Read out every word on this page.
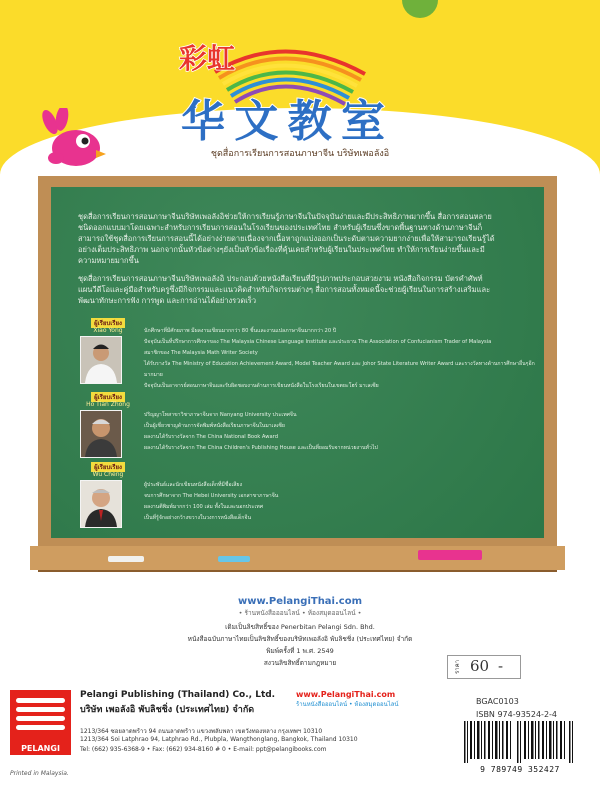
彩虹
华文教室
ชุดสื่อการเรียนการสอนภาษาจีน บริษัทเพอลังอิ
ชุดสื่อการเรียนการสอนภาษาจีนบริษัทเพอลังอิช่วยให้การเรียนรู้ภาษาจีนในปัจจุบันง่ายและมีประสิทธิภาพมากขึ้น สื่อการสอนหลายชนิดออกแบบมาโดยเฉพาะสำหรับการเรียนการสอนในโรงเรียนของประเทศไทย สำหรับผู้เรียนซึ่งขาดพื้นฐานทางด้านภาษาจีนก็สามารถใช้ชุดสื่อการเรียนการสอนนี้ได้อย่างง่ายดายเนื่องจากเนื้อหาถูกแบ่งออกเป็นระดับตามความยากง่ายเพื่อให้สามารถเรียนรู้ได้อย่างเต็มประสิทธิภาพ นอกจากนั้นหัวข้อต่างๆยังเป็นหัวข้อเรื่องที่คุ้นเคยสำหรับผู้เรียนในประเทศไทย ทำให้การเรียนง่ายขึ้นและมีความหมายมากขึ้น
ชุดสื่อการเรียนการสอนภาษาจีนบริษัทเพอลังอิ ประกอบด้วยหนังสือเรียนที่มีรูปภาพประกอบสวยงาม หนังสือกิจกรรม บัตรคำศัพท์ แผนวีดีโอและคู่มือสำหรับครูซึ่งมีกิจกรรมและแนวคิดสำหรับกิจกรรมต่างๆ สื่อการสอนทั้งหมดนี้จะช่วยผู้เรียนในการสร้างเสริมและพัฒนาทักษะการฟัง การพูด และการอ่านได้อย่างรวดเร็ว
ผู้เรียบเรียง
Xiao Yong	นักศึกษาที่มีศักยภาพ มีผลงานเขียนมากกว่า 80 ชิ้นและงานแปลภาษาจีนมากกว่า 20 ปี
ปัจจุบันเป็นที่ปรึกษาการศึกษาของ The Malaysia Chinese Language Institute และประธาน The Association of Confucianism Trader of Malaysia
สมาชิกของ The Malaysia Math Writer Society
ได้รับรางวัล The Ministry of Education Achievement Award, Model Teacher Award และ Johor State Literature Writer Award และรางวัลทางด้านการศึกษาอื่นๆอีกมากมาย
ปัจจุบันเป็นอาจารย์สอนภาษาจีนและรับผิดชอบงานด้านการเขียนหนังสือในโรงเรียนในเขตยะโฮร์ มาเลเซีย
ผู้เรียบเรียง
Ho Tian Zhong
ปริญญาโทสาขาวิชาภาษาจีนจาก Nanyang University ประเทศจีน
เป็นผู้เชี่ยวชาญด้านการจัดพิมพ์หนังสือเรียนภาษาจีนในมาเลเซีย
ผลงานได้รับรางวัลจาก The China National Book Award
ผลงานได้รับรางวัลจาก The China Children's Publishing House และเป็นที่ยอมรับจากหน่วยงานทั่วไป
ผู้เรียบเรียง
Wu Cheng
ผู้ประพันธ์และนักเขียนหนังสือเด็กที่มีชื่อเสียง
จบการศึกษาจาก The Hebei University เอกสาขาภาษาจีน
ผลงานตีพิมพ์มากกว่า 100 เล่ม ทั้งในและนอกประเทศ
เป็นที่รู้จักอย่างกว้างขวางในวงการหนังสือเด็กจีน
www.PelangiThai.com
• ร้านหนังสือออนไลน์ • ห้องสมุดออนไลน์ •
เดิมเป็นลิขสิทธิ์ของ Penerbitan Pelangi Sdn. Bhd.
หนังสือฉบับภาษาไทยเป็นลิขสิทธิ์ของบริษัทเพอลังอิ พับลิชชิ่ง (ประเทศไทย) จำกัด
พิมพ์ครั้งที่ 1 พ.ศ. 2549
สงวนลิขสิทธิ์ตามกฎหมาย	ราคา 60 -
PELANGI
Pelangi Publishing (Thailand) Co., Ltd.
บริษัท เพอลังอิ พับลิชชิ่ง (ประเทศไทย) จำกัด
1213/364 ซอยลาดพร้าว 94 ถนนลาดพร้าว แขวงพลับพลา เขตวังทองหลาง กรุงเทพฯ 10310
1213/364 Soi Latphrao 94, Latphrao Rd., Plubpla, Wangthonglang, Bangkok, Thailand 10310
Tel: (662) 935-6368-9 • Fax: (662) 934-8160 # 0 • E-mail: ppt@pelangibooks.com
www.PelangiThai.com
ร้านหนังสือออนไลน์ • ห้องสมุดออนไลน์	BGAC0103
ISBN 974-93524-2-4
9 789749 352427
Printed in Malaysia.
